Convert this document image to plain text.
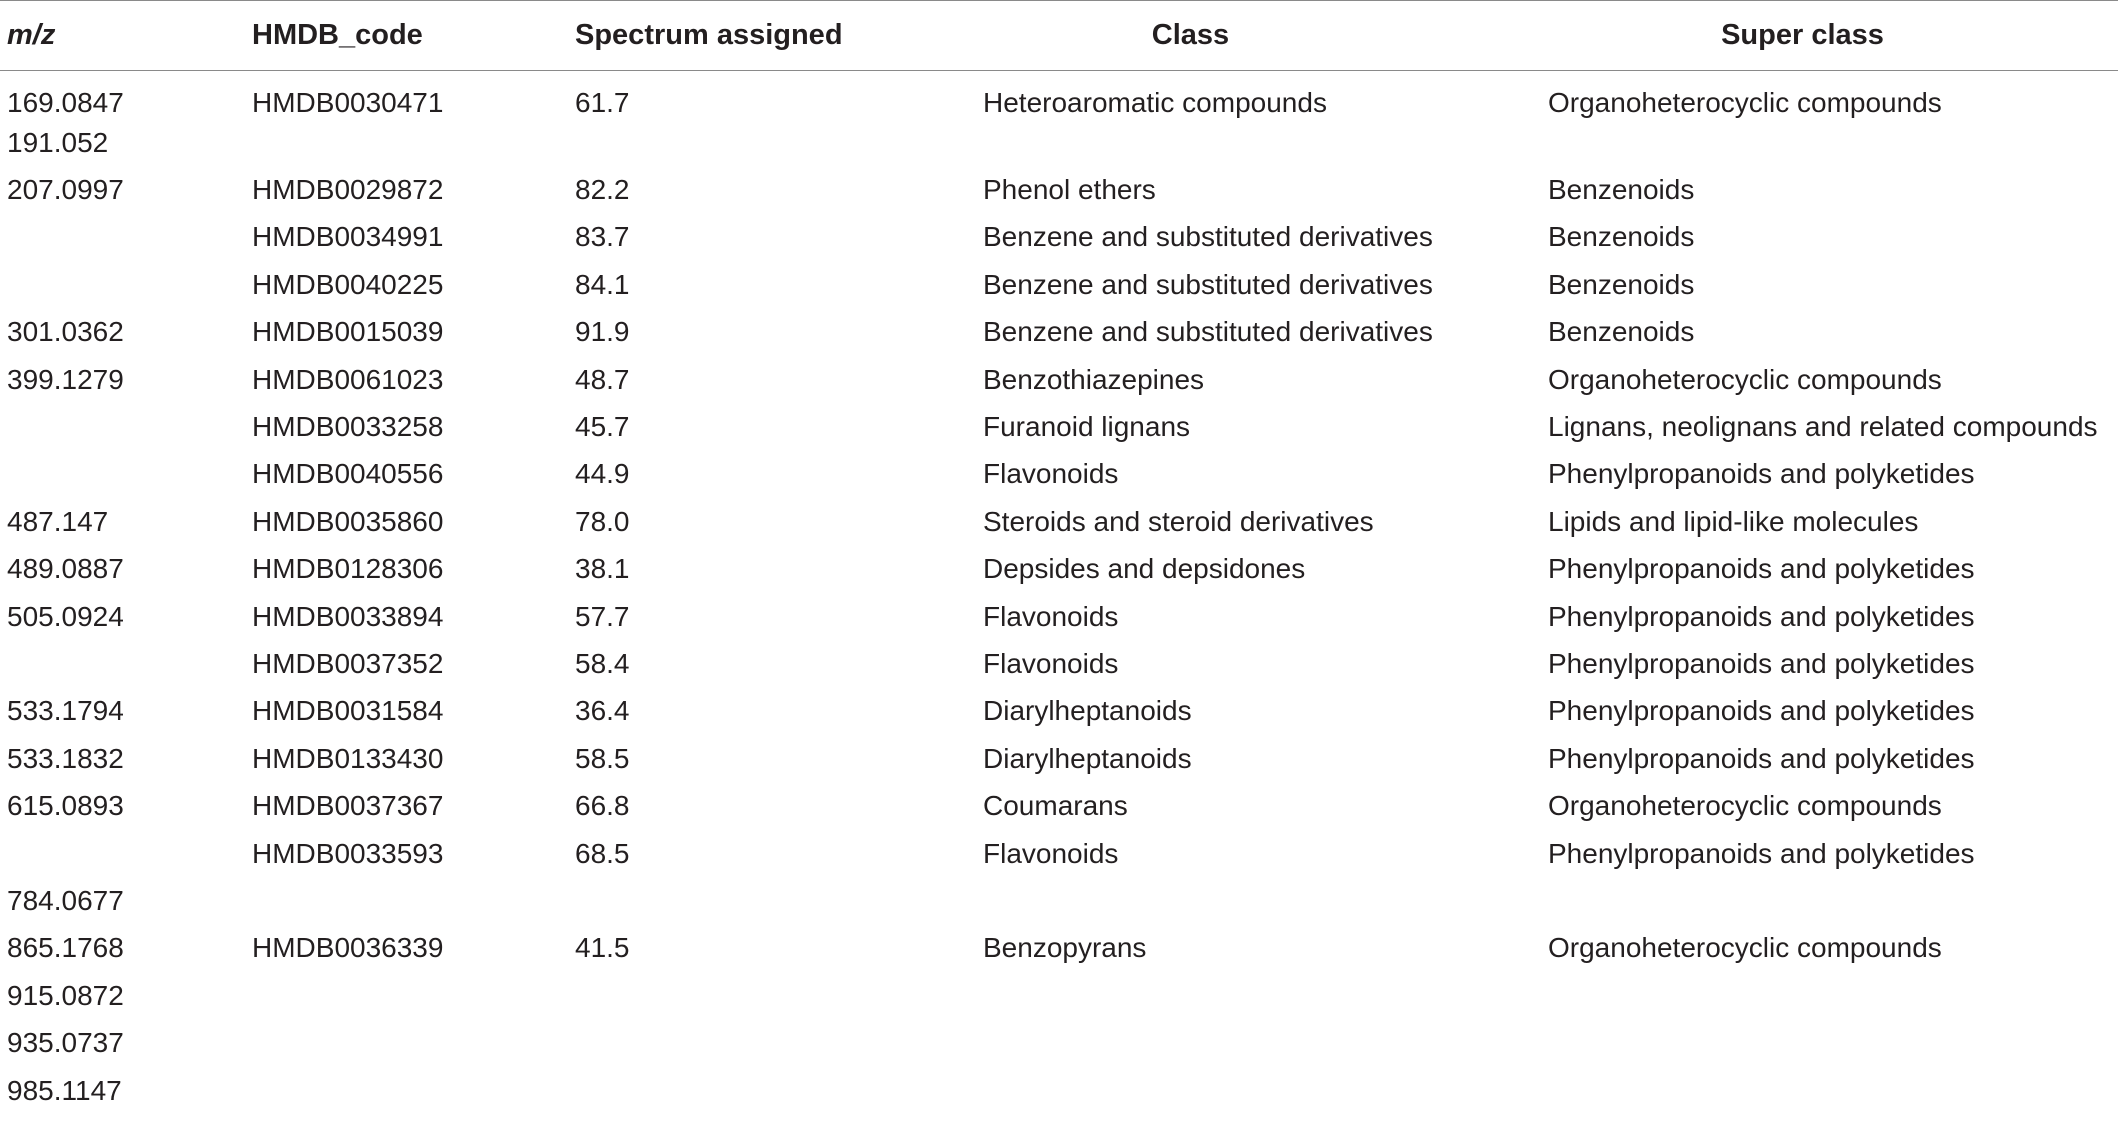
m/z	HMDB_code	Spectrum assigned	Class	Super class
169.0847	HMDB0030471	61.7	Heteroaromatic compounds	Organoheterocyclic compounds
191.052				
207.0997	HMDB0029872	82.2	Phenol ethers	Benzenoids
	HMDB0034991	83.7	Benzene and substituted derivatives	Benzenoids
	HMDB0040225	84.1	Benzene and substituted derivatives	Benzenoids
301.0362	HMDB0015039	91.9	Benzene and substituted derivatives	Benzenoids
399.1279	HMDB0061023	48.7	Benzothiazepines	Organoheterocyclic compounds
	HMDB0033258	45.7	Furanoid lignans	Lignans, neolignans and related compounds
	HMDB0040556	44.9	Flavonoids	Phenylpropanoids and polyketides
487.147	HMDB0035860	78.0	Steroids and steroid derivatives	Lipids and lipid-like molecules
489.0887	HMDB0128306	38.1	Depsides and depsidones	Phenylpropanoids and polyketides
505.0924	HMDB0033894	57.7	Flavonoids	Phenylpropanoids and polyketides
	HMDB0037352	58.4	Flavonoids	Phenylpropanoids and polyketides
533.1794	HMDB0031584	36.4	Diarylheptanoids	Phenylpropanoids and polyketides
533.1832	HMDB0133430	58.5	Diarylheptanoids	Phenylpropanoids and polyketides
615.0893	HMDB0037367	66.8	Coumarans	Organoheterocyclic compounds
	HMDB0033593	68.5	Flavonoids	Phenylpropanoids and polyketides
784.0677				
865.1768	HMDB0036339	41.5	Benzopyrans	Organoheterocyclic compounds
915.0872				
935.0737				
985.1147				
